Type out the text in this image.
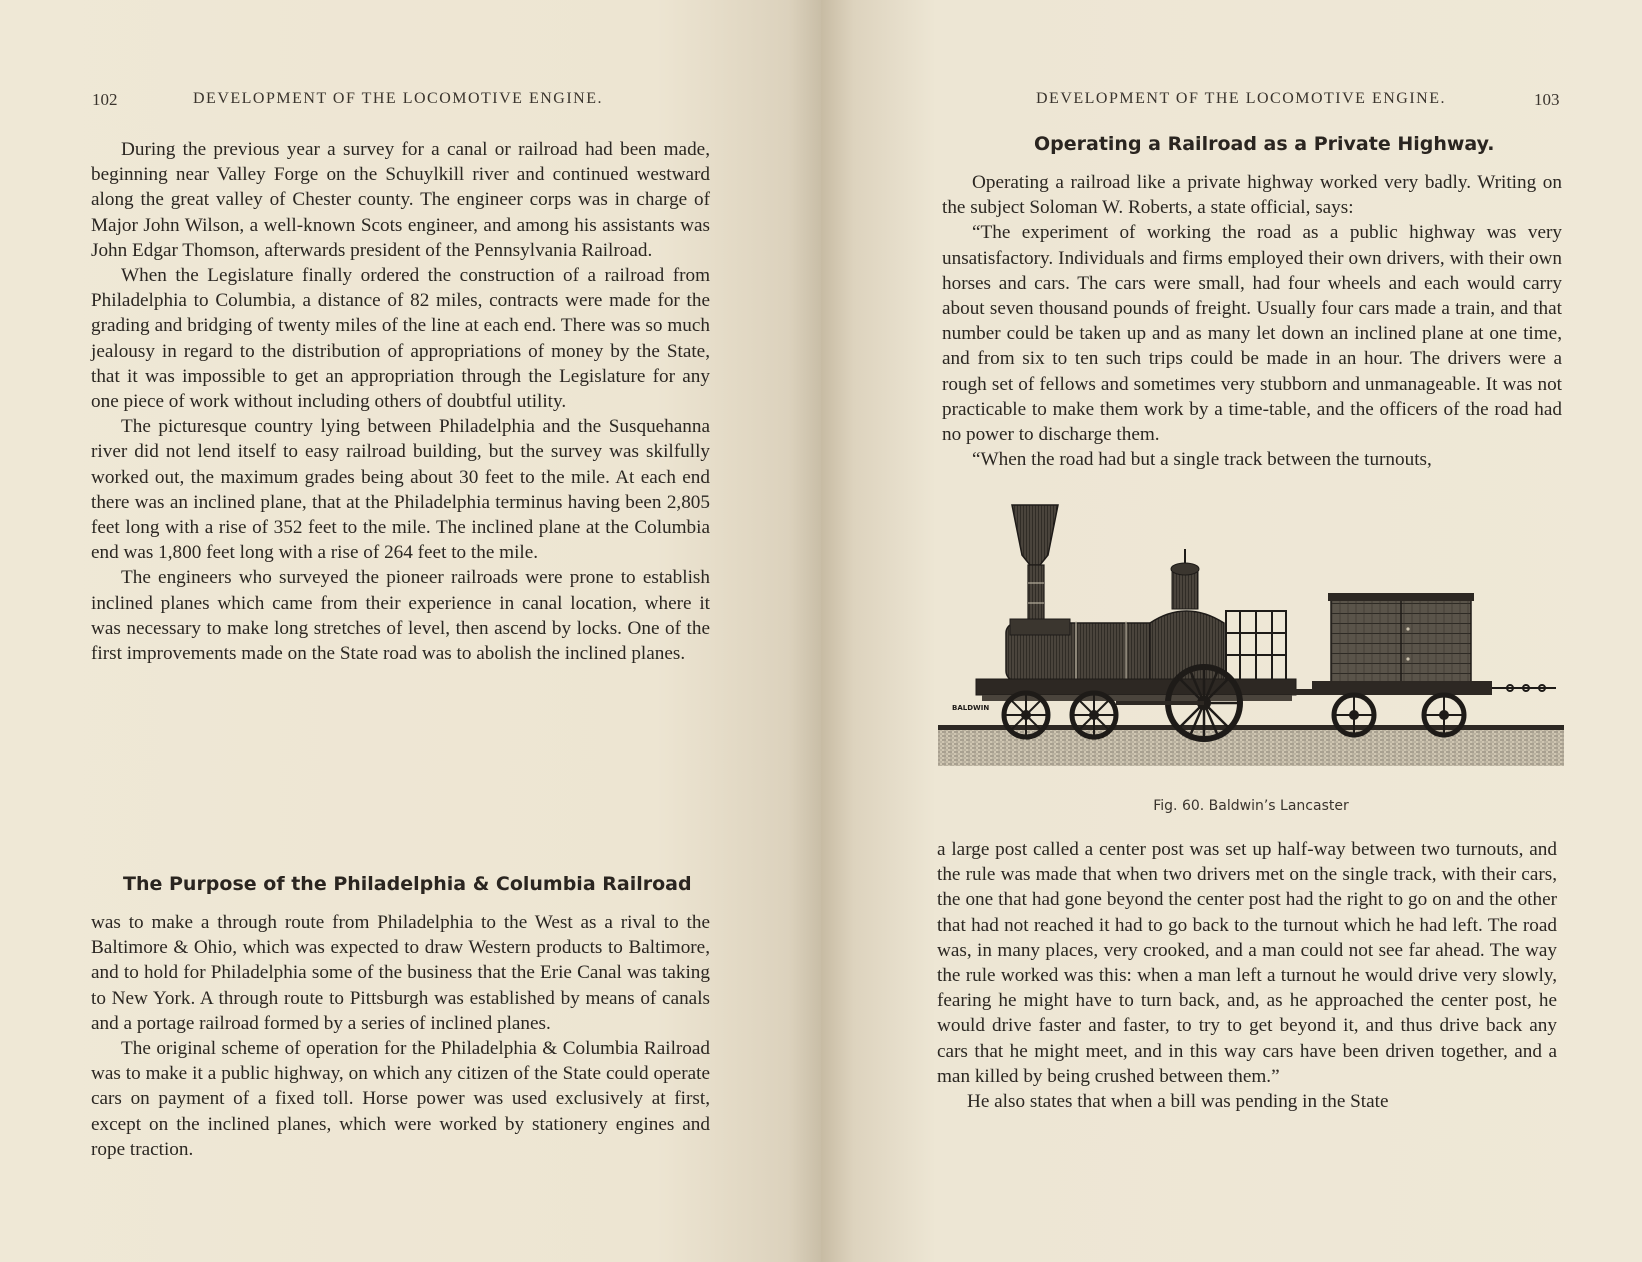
102	DEVELOPMENT OF THE LOCOMOTIVE ENGINE.

During the previous year a survey for a canal or railroad had been made, beginning near Valley Forge on the Schuylkill river and continued westward along the great valley of Chester county. The engineer corps was in charge of Major John Wilson, a well-known Scots engineer, and among his assistants was John Edgar Thomson, afterwards president of the Pennsylvania Railroad.

When the Legislature finally ordered the construction of a railroad from Philadelphia to Columbia, a distance of 82 miles, contracts were made for the grading and bridging of twenty miles of the line at each end. There was so much jealousy in regard to the distribution of appropriations of money by the State, that it was impossible to get an appropriation through the Legislature for any one piece of work without including others of doubtful utility.

The picturesque country lying between Philadelphia and the Susquehanna river did not lend itself to easy railroad building, but the survey was skilfully worked out, the maximum grades being about 30 feet to the mile. At each end there was an inclined plane, that at the Philadelphia terminus having been 2,805 feet long with a rise of 352 feet to the mile. The inclined plane at the Columbia end was 1,800 feet long with a rise of 264 feet to the mile.

The engineers who surveyed the pioneer railroads were prone to establish inclined planes which came from their experience in canal location, where it was necessary to make long stretches of level, then ascend by locks. One of the first improvements made on the State road was to abolish the inclined planes.

The Purpose of the Philadelphia & Columbia Railroad

was to make a through route from Philadelphia to the West as a rival to the Baltimore & Ohio, which was expected to draw Western products to Baltimore, and to hold for Philadelphia some of the business that the Erie Canal was taking to New York. A through route to Pittsburgh was established by means of canals and a portage railroad formed by a series of inclined planes.

The original scheme of operation for the Philadelphia & Columbia Railroad was to make it a public highway, on which any citizen of the State could operate cars on payment of a fixed toll. Horse power was used exclusively at first, except on the inclined planes, which were worked by stationery engines and rope traction.

DEVELOPMENT OF THE LOCOMOTIVE ENGINE.	103
Operating a Railroad as a Private Highway.

Operating a railroad like a private highway worked very badly. Writing on the subject Soloman W. Roberts, a state official, says:

“The experiment of working the road as a public highway was very unsatisfactory. Individuals and firms employed their own drivers, with their own horses and cars. The cars were small, had four wheels and each would carry about seven thousand pounds of freight. Usually four cars made a train, and that number could be taken up and as many let down an inclined plane at one time, and from six to ten such trips could be made in an hour. The drivers were a rough set of fellows and sometimes very stubborn and unmanageable. It was not practicable to make them work by a time-table, and the officers of the road had no power to discharge them.

“When the road had but a single track between the turnouts,

BALDWIN
Fig. 60. Baldwin’s Lancaster

a large post called a center post was set up half-way between two turnouts, and the rule was made that when two drivers met on the single track, with their cars, the one that had gone beyond the center post had the right to go on and the other that had not reached it had to go back to the turnout which he had left. The road was, in many places, very crooked, and a man could not see far ahead. The way the rule worked was this: when a man left a turnout he would drive very slowly, fearing he might have to turn back, and, as he approached the center post, he would drive faster and faster, to try to get beyond it, and thus drive back any cars that he might meet, and in this way cars have been driven together, and a man killed by being crushed between them.”

He also states that when a bill was pending in the State
